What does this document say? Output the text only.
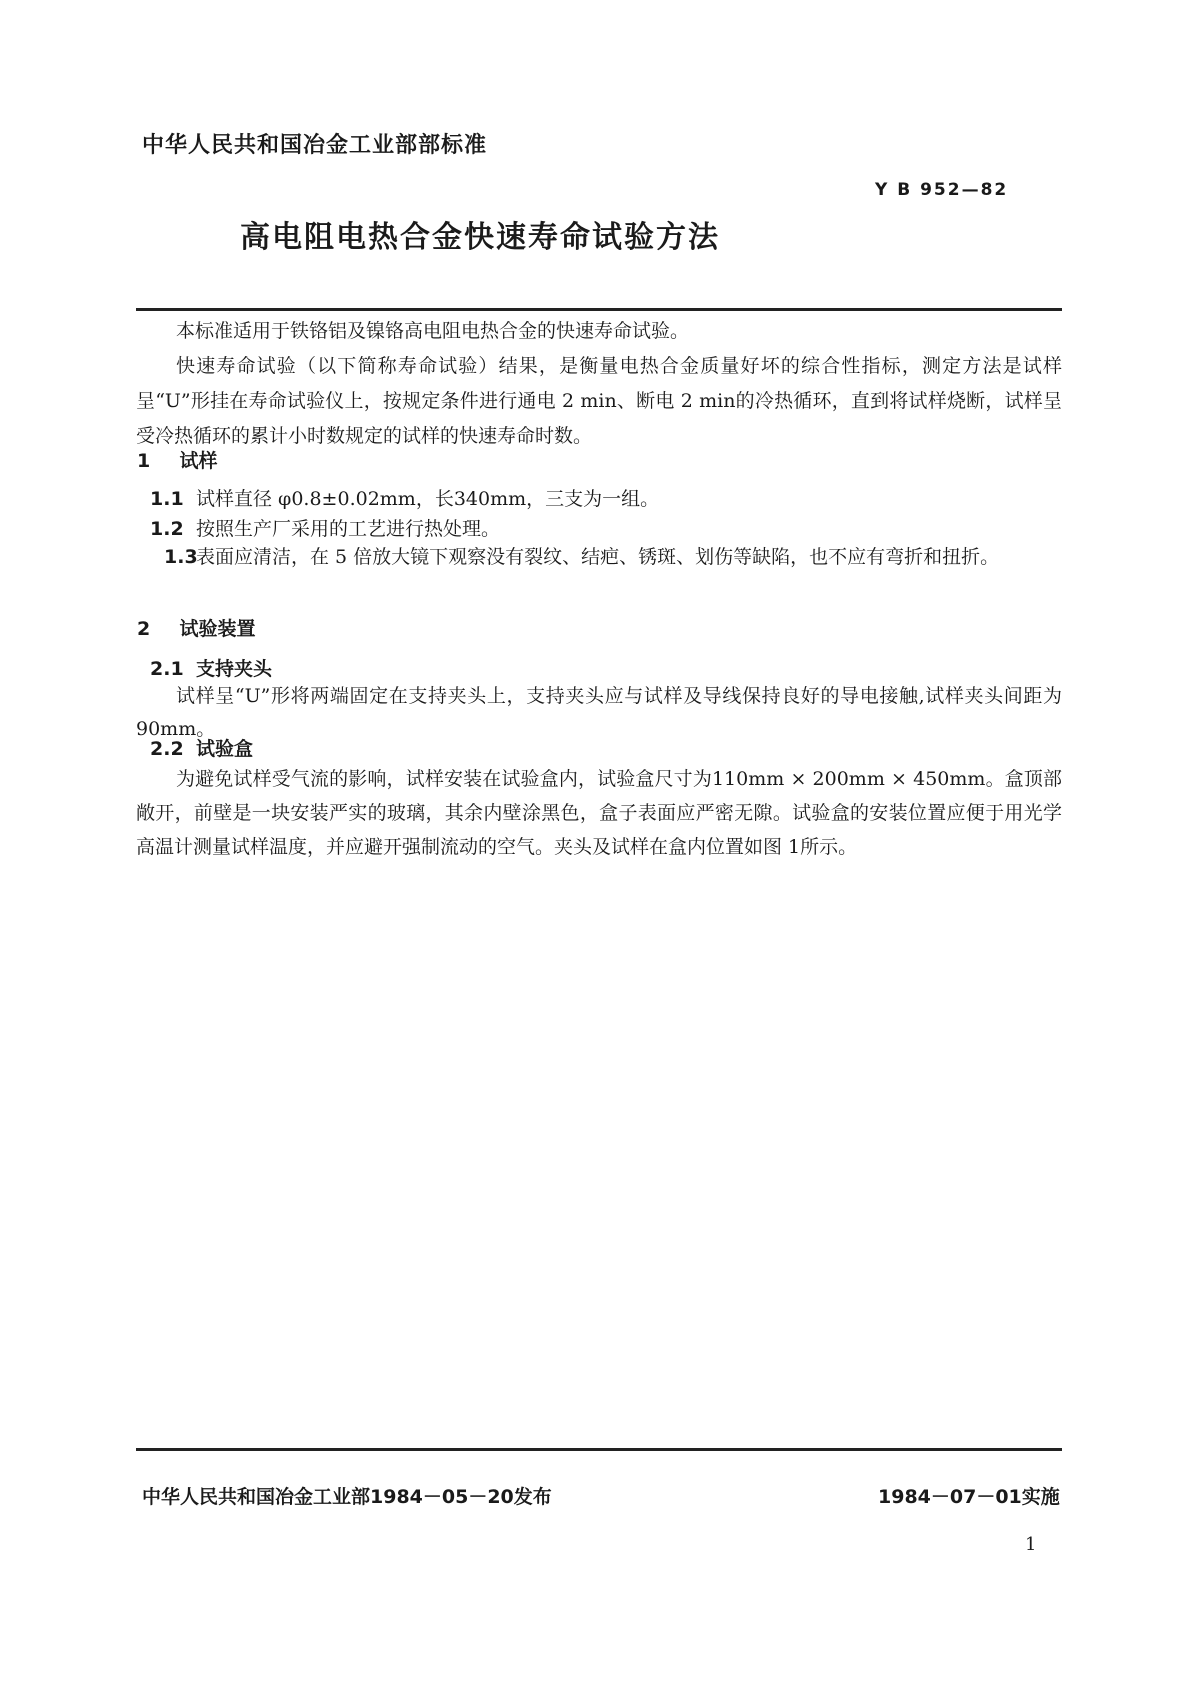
中华人民共和国冶金工业部部标准
Y B 952—82
高电阻电热合金快速寿命试验方法
本标准适用于铁铬铝及镍铬高电阻电热合金的快速寿命试验。
快速寿命试验（以下简称寿命试验）结果，是衡量电热合金质量好坏的综合性指标，测定方法是试样呈“U”形挂在寿命试验仪上，按规定条件进行通电 2 min、断电 2 min的冷热循环，直到将试样烧断，试样呈受冷热循环的累计小时数规定的试样的快速寿命时数。
1 试样
1.1 试样直径 φ0.8±0.02mm，长340mm，三支为一组。
1.2 按照生产厂采用的工艺进行热处理。
1.3表面应清洁，在 5 倍放大镜下观察没有裂纹、结疤、锈斑、划伤等缺陷，也不应有弯折和扭折。
2 试验装置
2.1 支持夹头
试样呈“U”形将两端固定在支持夹头上，支持夹头应与试样及导线保持良好的导电接触,试样夹头间距为90mm。
2.2 试验盒
为避免试样受气流的影响，试样安装在试验盒内，试验盒尺寸为110mm × 200mm × 450mm。盒顶部敞开，前壁是一块安装严实的玻璃，其余内壁涂黑色，盒子表面应严密无隙。试验盒的安装位置应便于用光学高温计测量试样温度，并应避开强制流动的空气。夹头及试样在盒内位置如图 1所示。
中华人民共和国冶金工业部1984－05－20发布	1984－07－01实施
1
